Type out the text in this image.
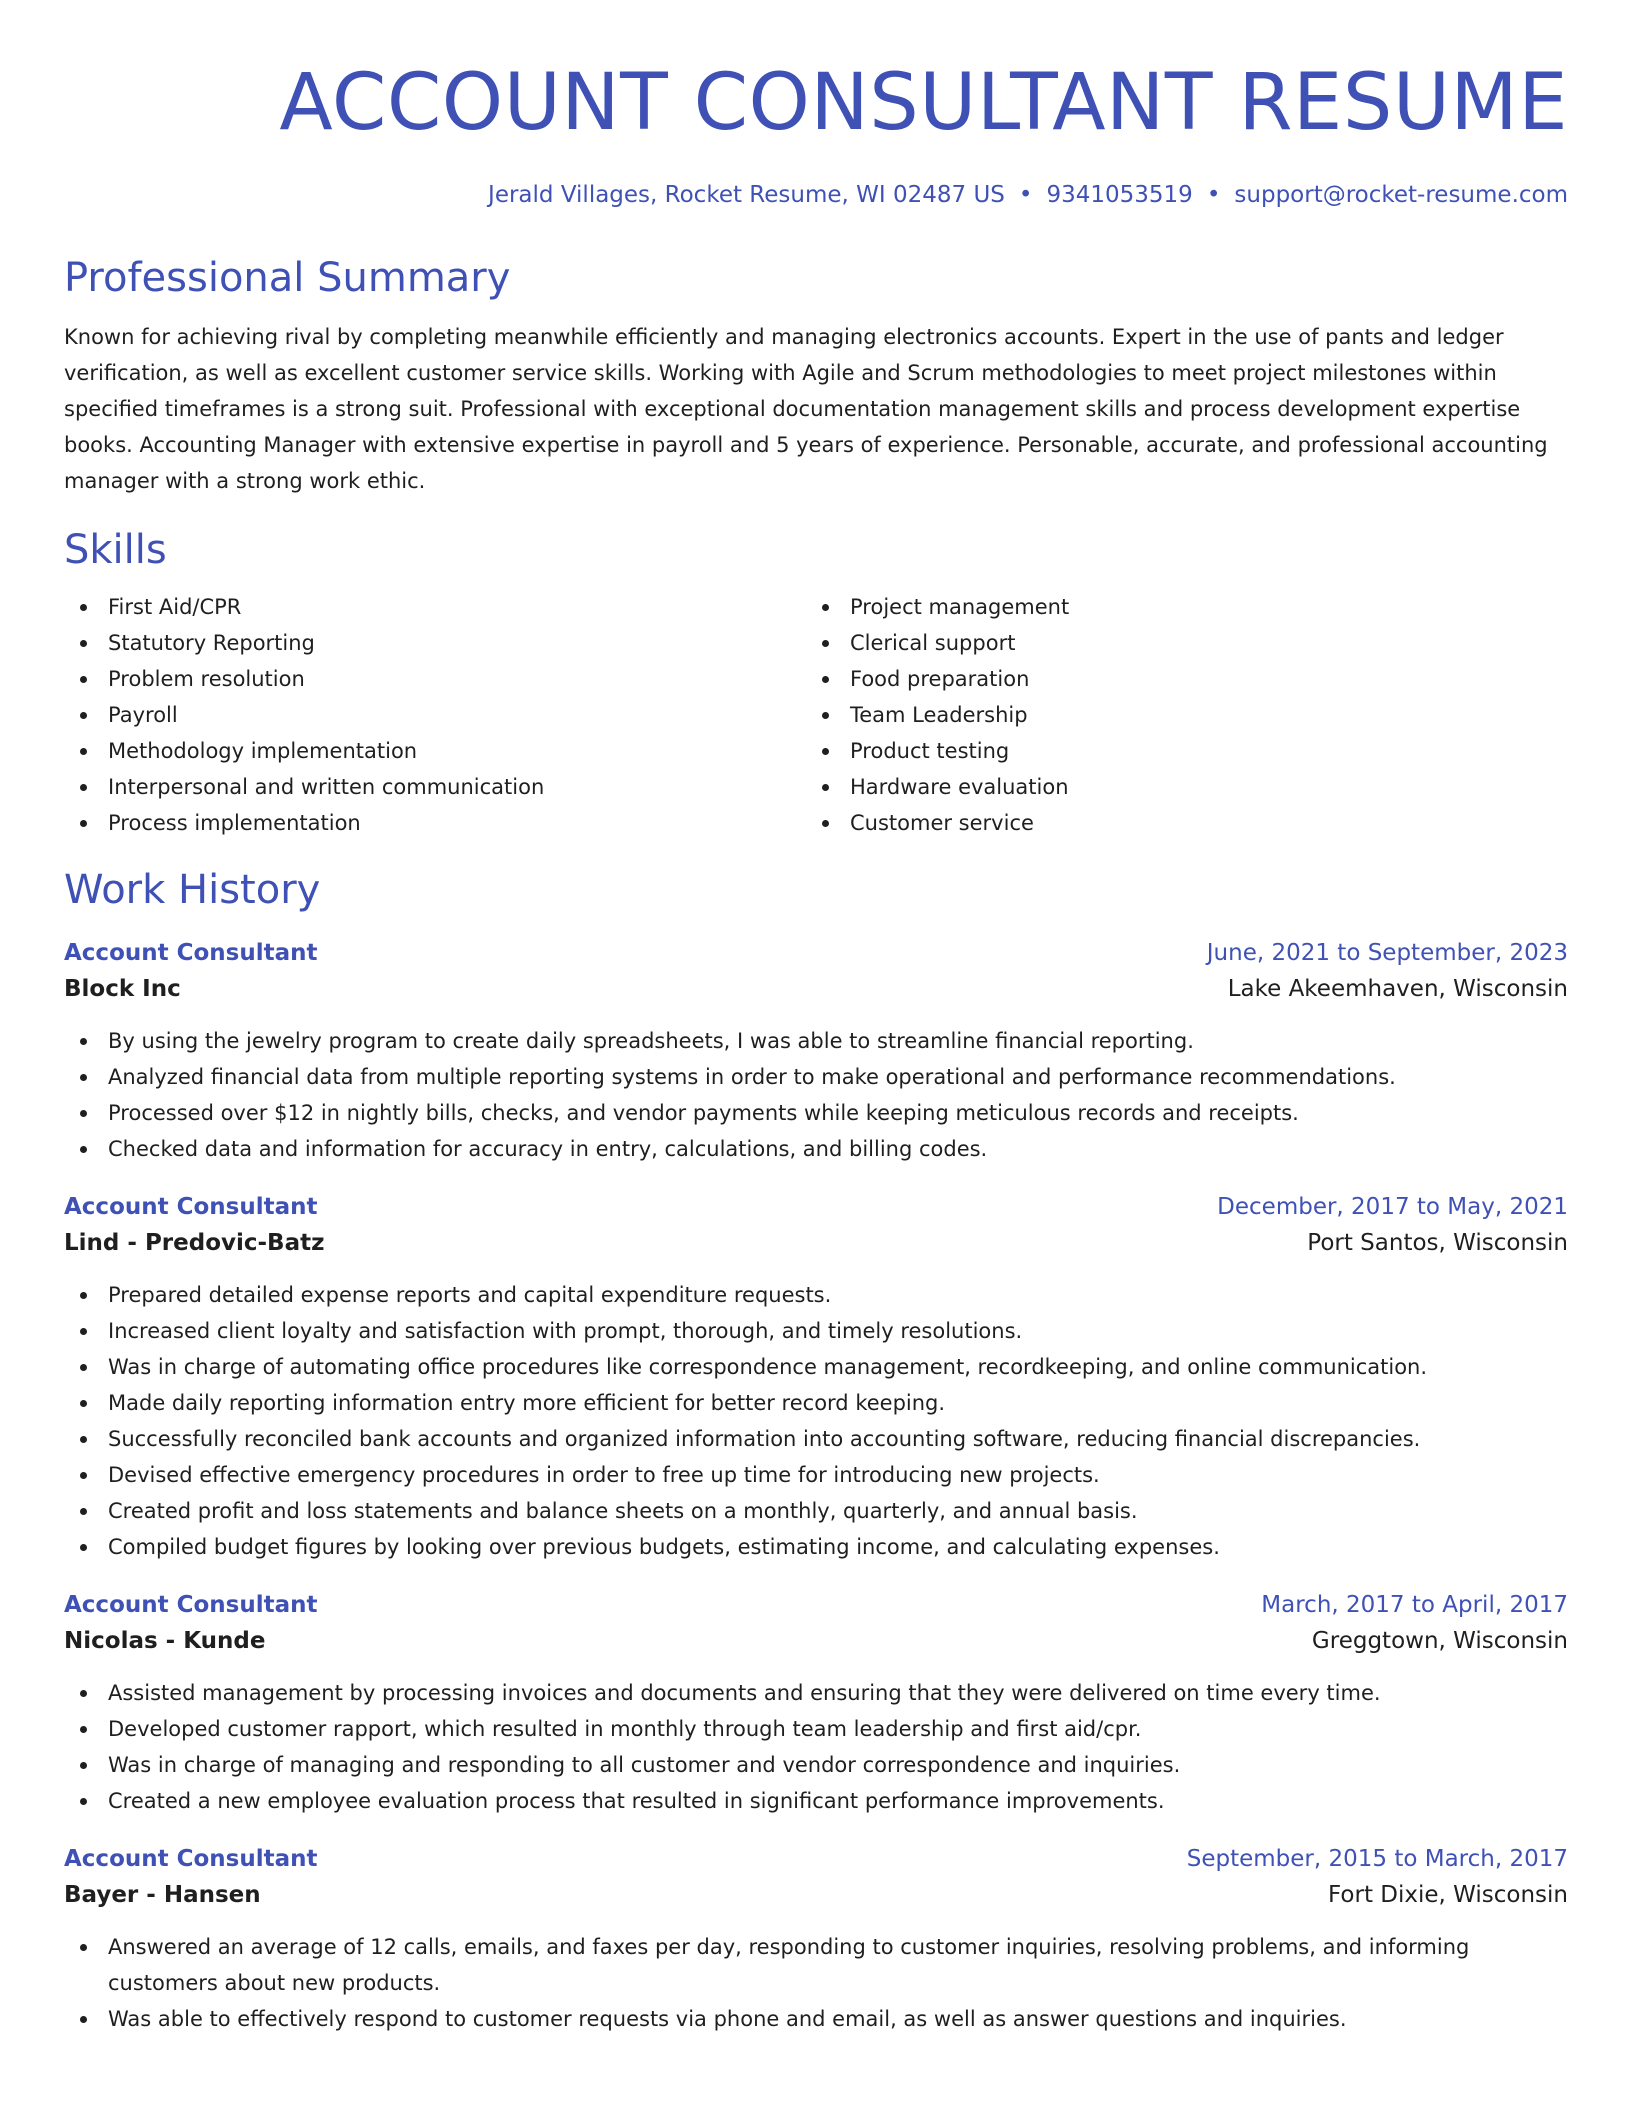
ACCOUNT CONSULTANT RESUME
Jerald Villages, Rocket Resume, WI 02487 US • 9341053519 • support@rocket-resume.com
Professional Summary

Known for achieving rival by completing meanwhile efficiently and managing electronics accounts. Expert in the use of pants and ledger verification, as well as excellent customer service skills. Working with Agile and Scrum methodologies to meet project milestones within specified timeframes is a strong suit. Professional with exceptional documentation management skills and process development expertise books. Accounting Manager with extensive expertise in payroll and 5 years of experience. Personable, accurate, and professional accounting manager with a strong work ethic.

Skills
First Aid/CPR
Statutory Reporting
Problem resolution
Payroll
Methodology implementation
Interpersonal and written communication
Process implementation
Project management
Clerical support
Food preparation
Team Leadership
Product testing
Hardware evaluation
Customer service
Work History
Account Consultant	June, 2021 to September, 2023
Block Inc	Lake Akeemhaven, Wisconsin
By using the jewelry program to create daily spreadsheets, I was able to streamline financial reporting.
Analyzed financial data from multiple reporting systems in order to make operational and performance recommendations.
Processed over $12 in nightly bills, checks, and vendor payments while keeping meticulous records and receipts.
Checked data and information for accuracy in entry, calculations, and billing codes.
Account Consultant	December, 2017 to May, 2021
Lind - Predovic-Batz	Port Santos, Wisconsin
Prepared detailed expense reports and capital expenditure requests.
Increased client loyalty and satisfaction with prompt, thorough, and timely resolutions.
Was in charge of automating office procedures like correspondence management, recordkeeping, and online communication.
Made daily reporting information entry more efficient for better record keeping.
Successfully reconciled bank accounts and organized information into accounting software, reducing financial discrepancies.
Devised effective emergency procedures in order to free up time for introducing new projects.
Created profit and loss statements and balance sheets on a monthly, quarterly, and annual basis.
Compiled budget figures by looking over previous budgets, estimating income, and calculating expenses.
Account Consultant	March, 2017 to April, 2017
Nicolas - Kunde	Greggtown, Wisconsin
Assisted management by processing invoices and documents and ensuring that they were delivered on time every time.
Developed customer rapport, which resulted in monthly through team leadership and first aid/cpr.
Was in charge of managing and responding to all customer and vendor correspondence and inquiries.
Created a new employee evaluation process that resulted in significant performance improvements.
Account Consultant	September, 2015 to March, 2017
Bayer - Hansen	Fort Dixie, Wisconsin
Answered an average of 12 calls, emails, and faxes per day, responding to customer inquiries, resolving problems, and informing customers about new products.
Was able to effectively respond to customer requests via phone and email, as well as answer questions and inquiries.
